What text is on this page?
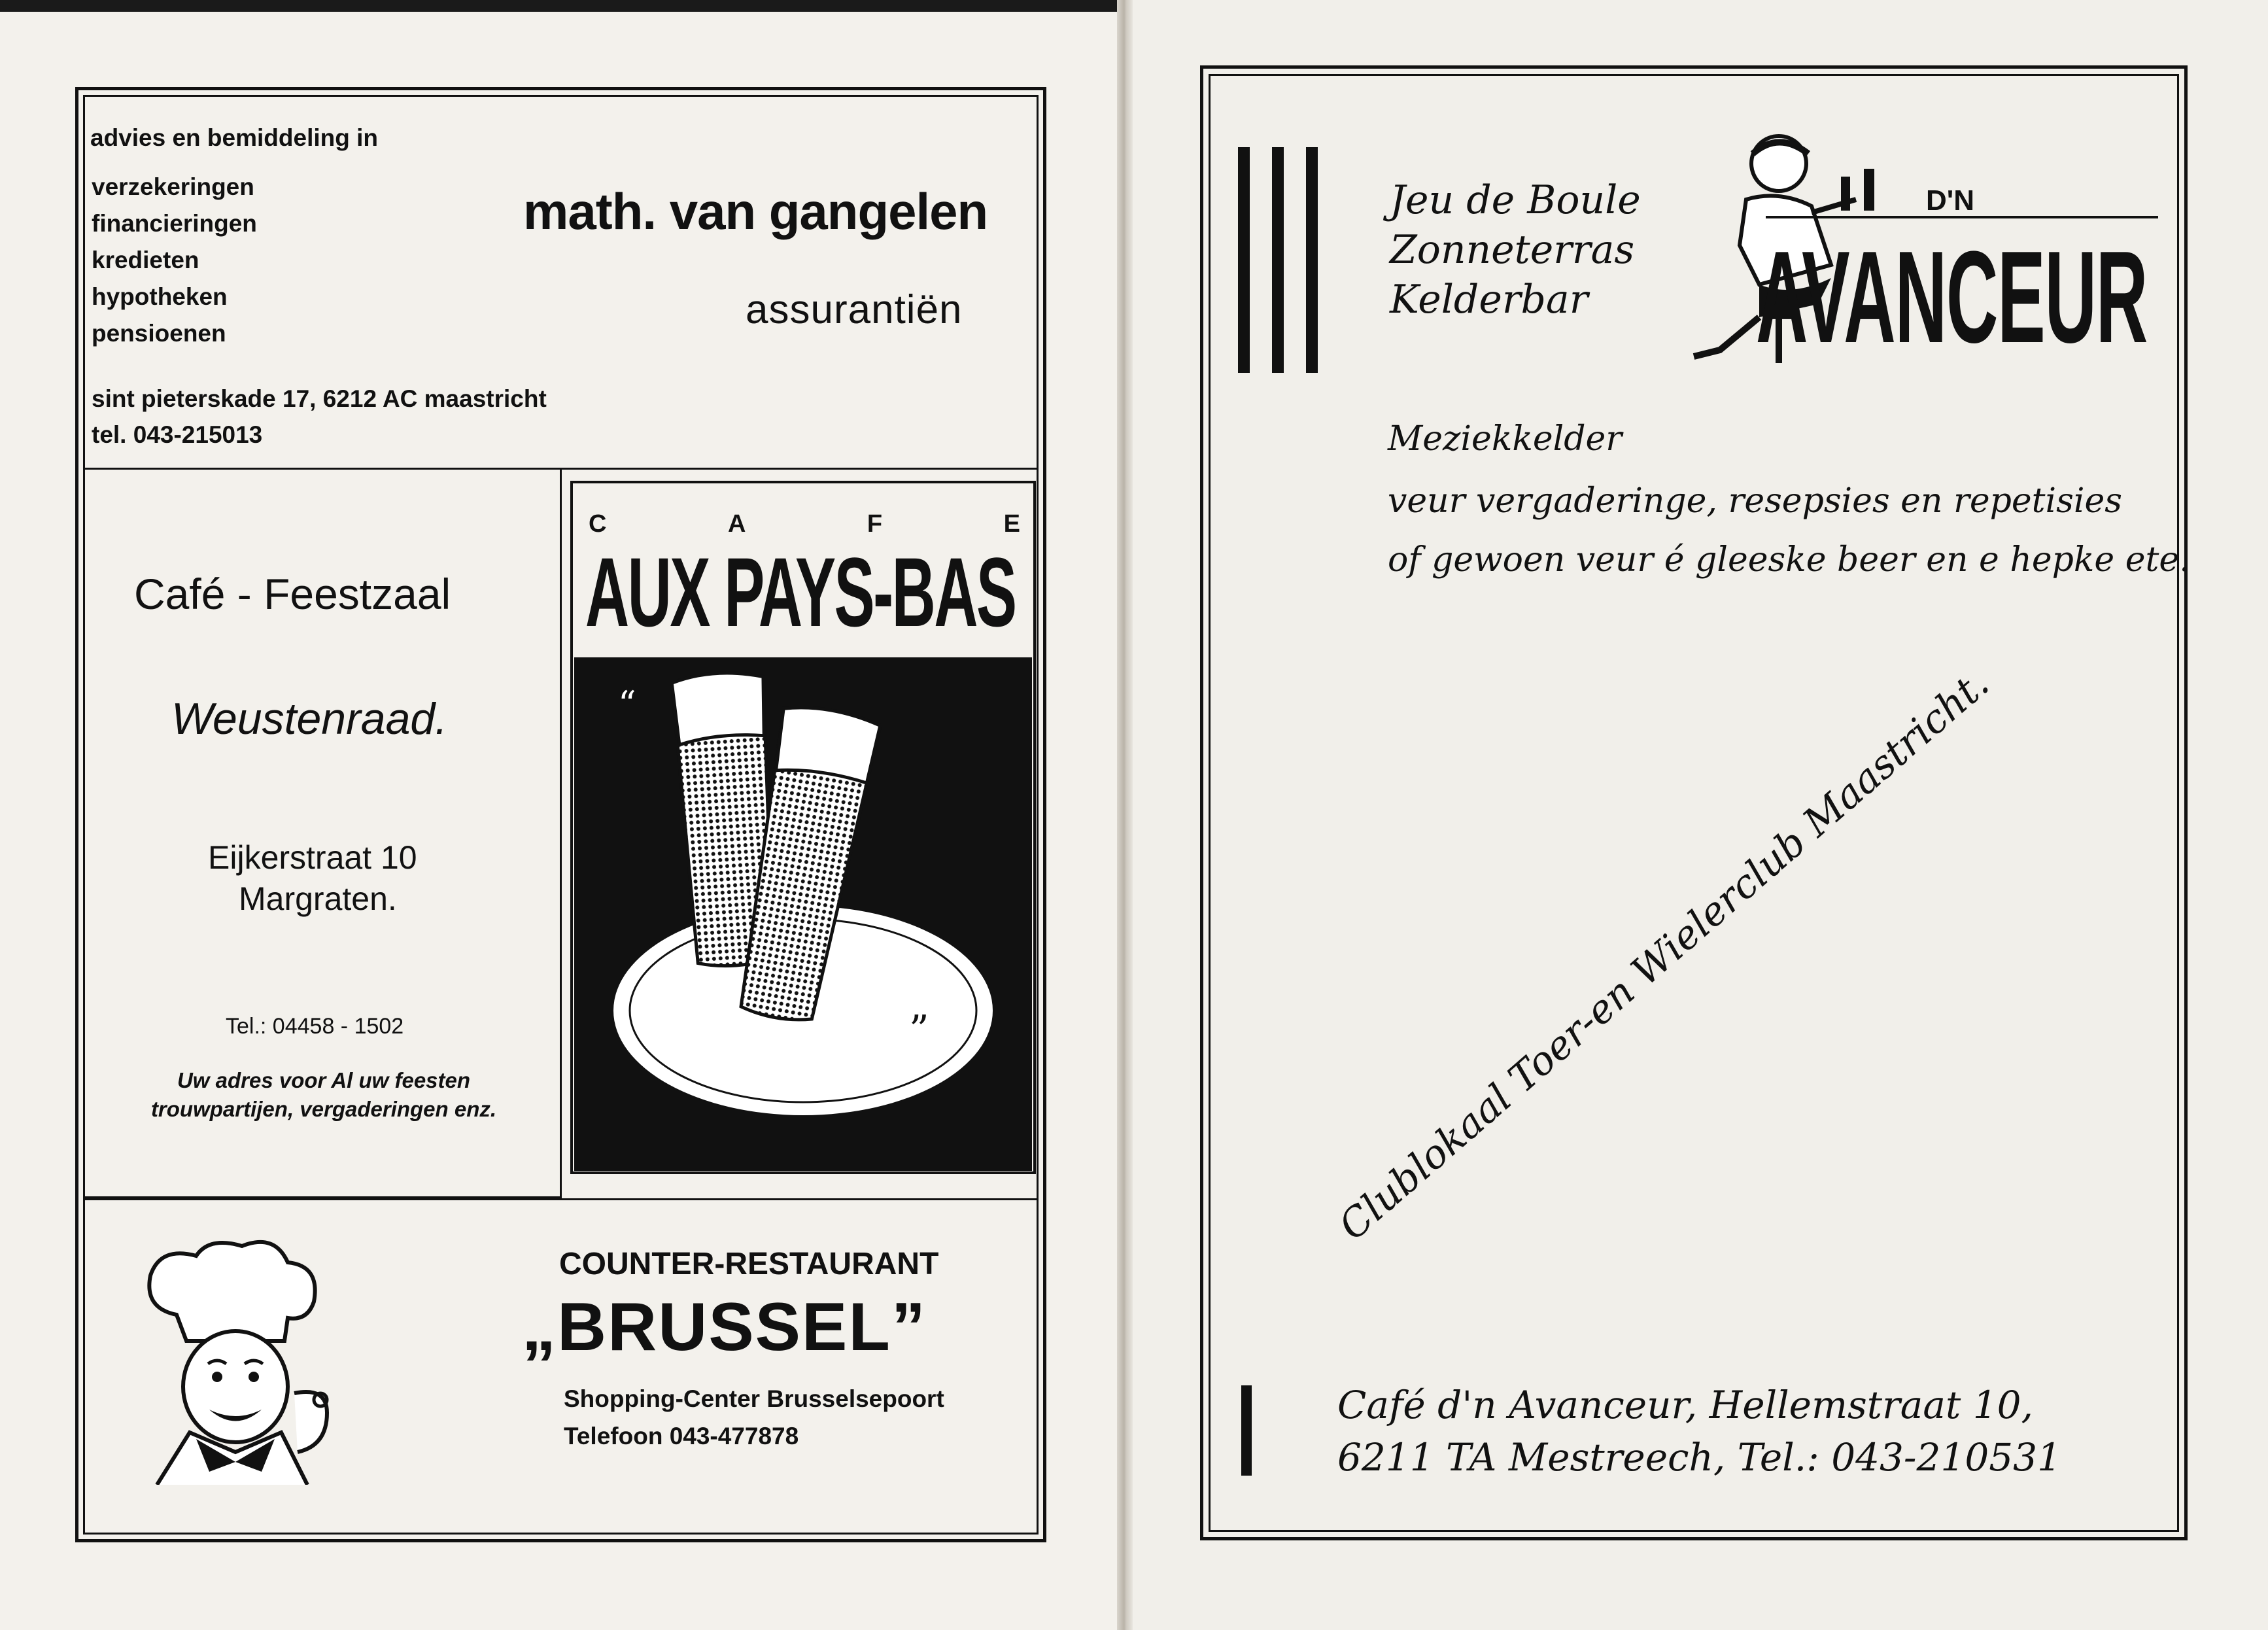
advies en bemiddeling in
verzekeringen
financieringen
kredieten
hypotheken
pensioenen
math. van gangelen
assurantiën
sint pieterskade 17, 6212 AC maastricht
tel. 043-215013
Café - Feestzaal
Weustenraad.
Eijkerstraat 10
Margraten.
Tel.: 04458 - 1502
Uw adres voor Al uw feesten
trouwpartijen, vergaderingen enz.
C	A	F	E
AUX PAYS-BAS
“
”
COUNTER-RESTAURANT
„BRUSSEL”
Shopping-Center Brusselsepoort
Telefoon 043-477878
Jeu de Boule
Zonneterras
Kelderbar
D'N
AVANCEUR
Meziekkelder
veur vergaderinge, resepsies en repetisies
of gewoen veur é gleeske beer en e hepke ete.
Clublokaal Toer-en Wielerclub Maastricht.
Café d'n Avanceur, Hellemstraat 10,
6211 TA Mestreech, Tel.: 043-210531
